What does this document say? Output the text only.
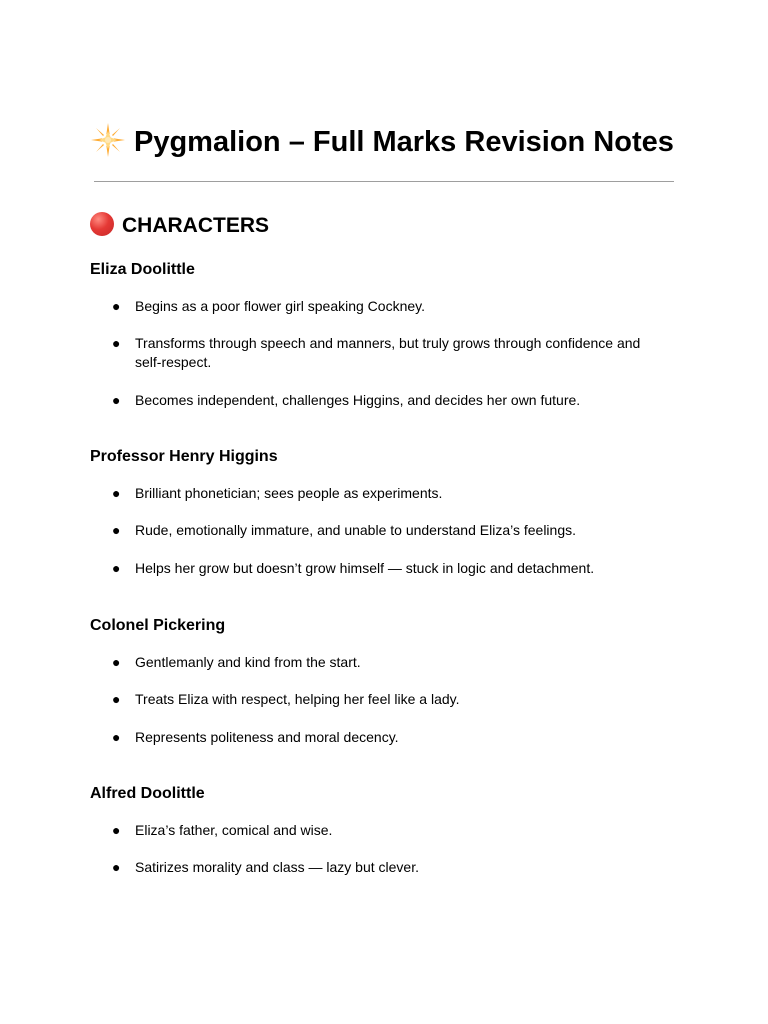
Pygmalion – Full Marks Revision Notes
CHARACTERS
Eliza Doolittle
●	Begins as a poor flower girl speaking Cockney.
●	Transforms through speech and manners, but truly grows through confidence and self-respect.
●	Becomes independent, challenges Higgins, and decides her own future.
Professor Henry Higgins
●	Brilliant phonetician; sees people as experiments.
●	Rude, emotionally immature, and unable to understand Eliza’s feelings.
●	Helps her grow but doesn’t grow himself — stuck in logic and detachment.
Colonel Pickering
●	Gentlemanly and kind from the start.
●	Treats Eliza with respect, helping her feel like a lady.
●	Represents politeness and moral decency.
Alfred Doolittle
●	Eliza’s father, comical and wise.
●	Satirizes morality and class — lazy but clever.
